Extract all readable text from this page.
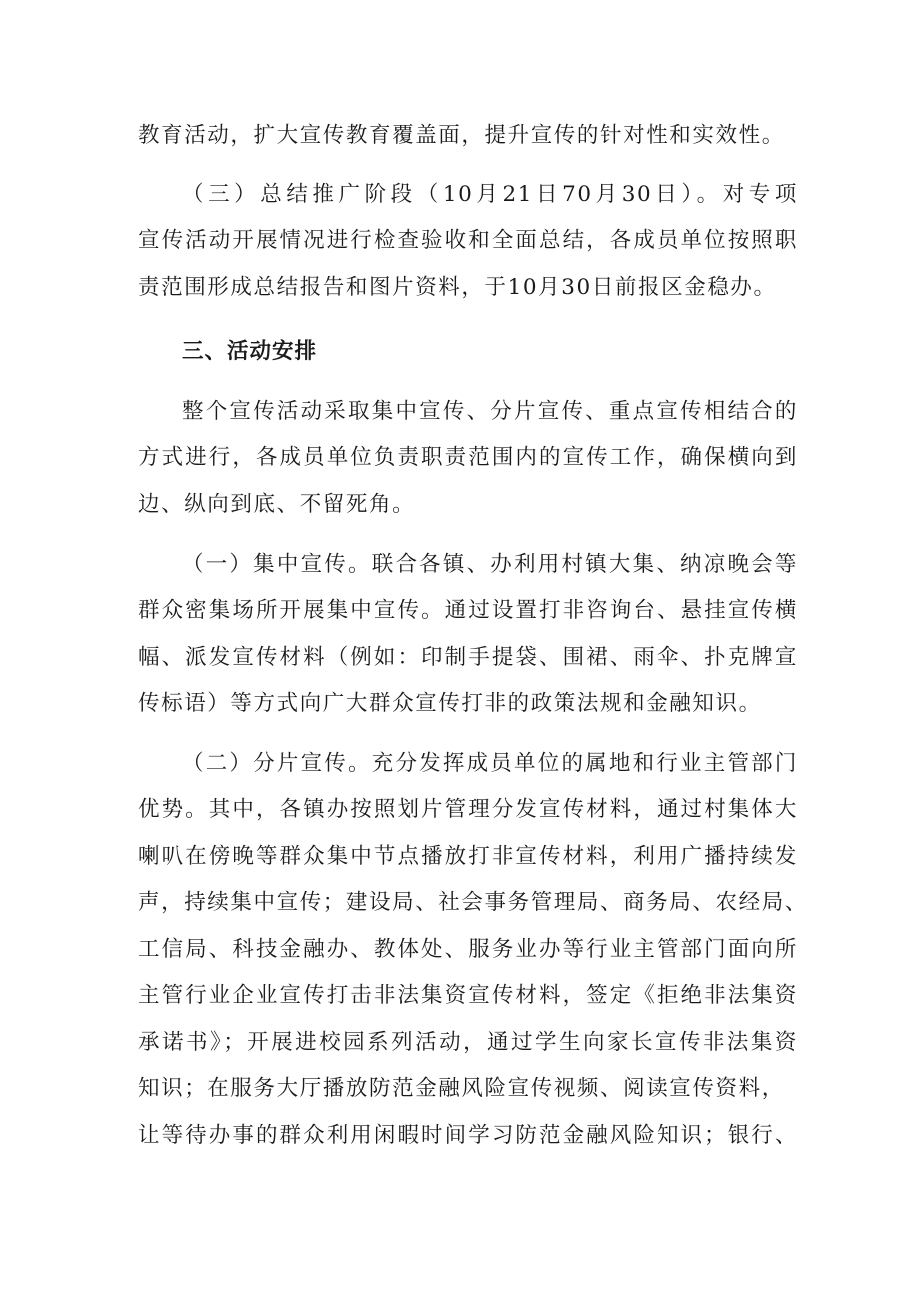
教育活动，扩大宣传教育覆盖面，提升宣传的针对性和实效性。
（三）总结推广阶段（10月21日70月30日）。对专项
宣传活动开展情况进行检查验收和全面总结，各成员单位按照职
责范围形成总结报告和图片资料，于10月30日前报区金稳办。
三、活动安排
整个宣传活动采取集中宣传、分片宣传、重点宣传相结合的
方式进行，各成员单位负责职责范围内的宣传工作，确保横向到
边、纵向到底、不留死角。
（一）集中宣传。联合各镇、办利用村镇大集、纳凉晚会等
群众密集场所开展集中宣传。通过设置打非咨询台、悬挂宣传横
幅、派发宣传材料（例如：印制手提袋、围裙、雨伞、扑克牌宣
传标语）等方式向广大群众宣传打非的政策法规和金融知识。
（二）分片宣传。充分发挥成员单位的属地和行业主管部门
优势。其中，各镇办按照划片管理分发宣传材料，通过村集体大
喇叭在傍晚等群众集中节点播放打非宣传材料，利用广播持续发
声，持续集中宣传；建设局、社会事务管理局、商务局、农经局、
工信局、科技金融办、教体处、服务业办等行业主管部门面向所
主管行业企业宣传打击非法集资宣传材料，签定《拒绝非法集资
承诺书》；开展进校园系列活动，通过学生向家长宣传非法集资
知识；在服务大厅播放防范金融风险宣传视频、阅读宣传资料，
让等待办事的群众利用闲暇时间学习防范金融风险知识；银行、
